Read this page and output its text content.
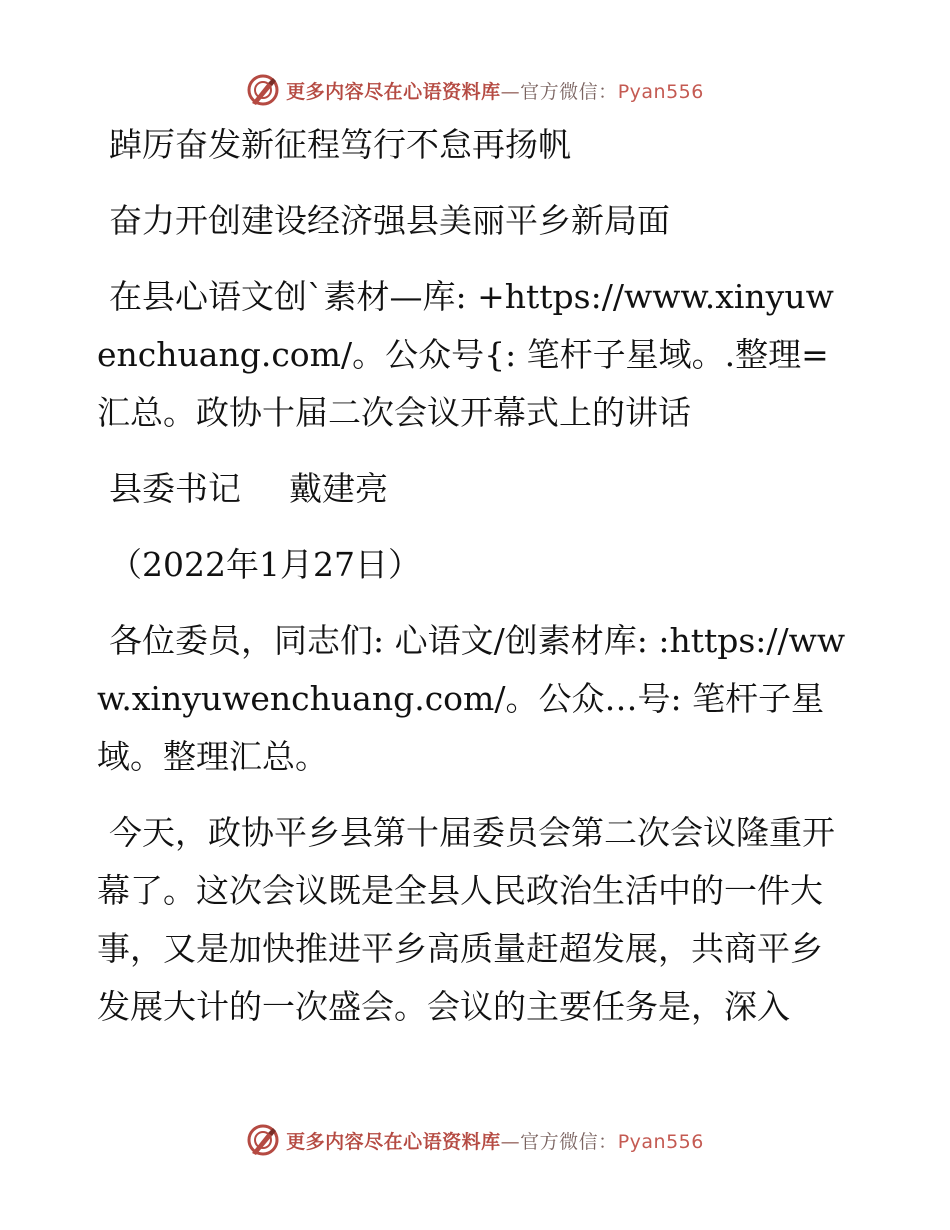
更多内容尽在心语资料库—官方微信：Pyan556

踔厉奋发新征程笃行不怠再扬帆

奋力开创建设经济强县美丽平乡新局面

在县心语文创`素材—库: +https://www.xinyuwenchuang.com/。公众号{: 笔杆子星域。.整理=汇总。政协十届二次会议开幕式上的讲话

县委书记 戴建亮

（2022年1月27日）

各位委员，同志们: 心语文/创素材库: :https://www.xinyuwenchuang.com/。公众…号: 笔杆子星域。整理汇总。

今天，政协平乡县第十届委员会第二次会议隆重开幕了。这次会议既是全县人民政治生活中的一件大事，又是加快推进平乡高质量赶超发展，共商平乡发展大计的一次盛会。会议的主要任务是，深入

更多内容尽在心语资料库—官方微信：Pyan556
